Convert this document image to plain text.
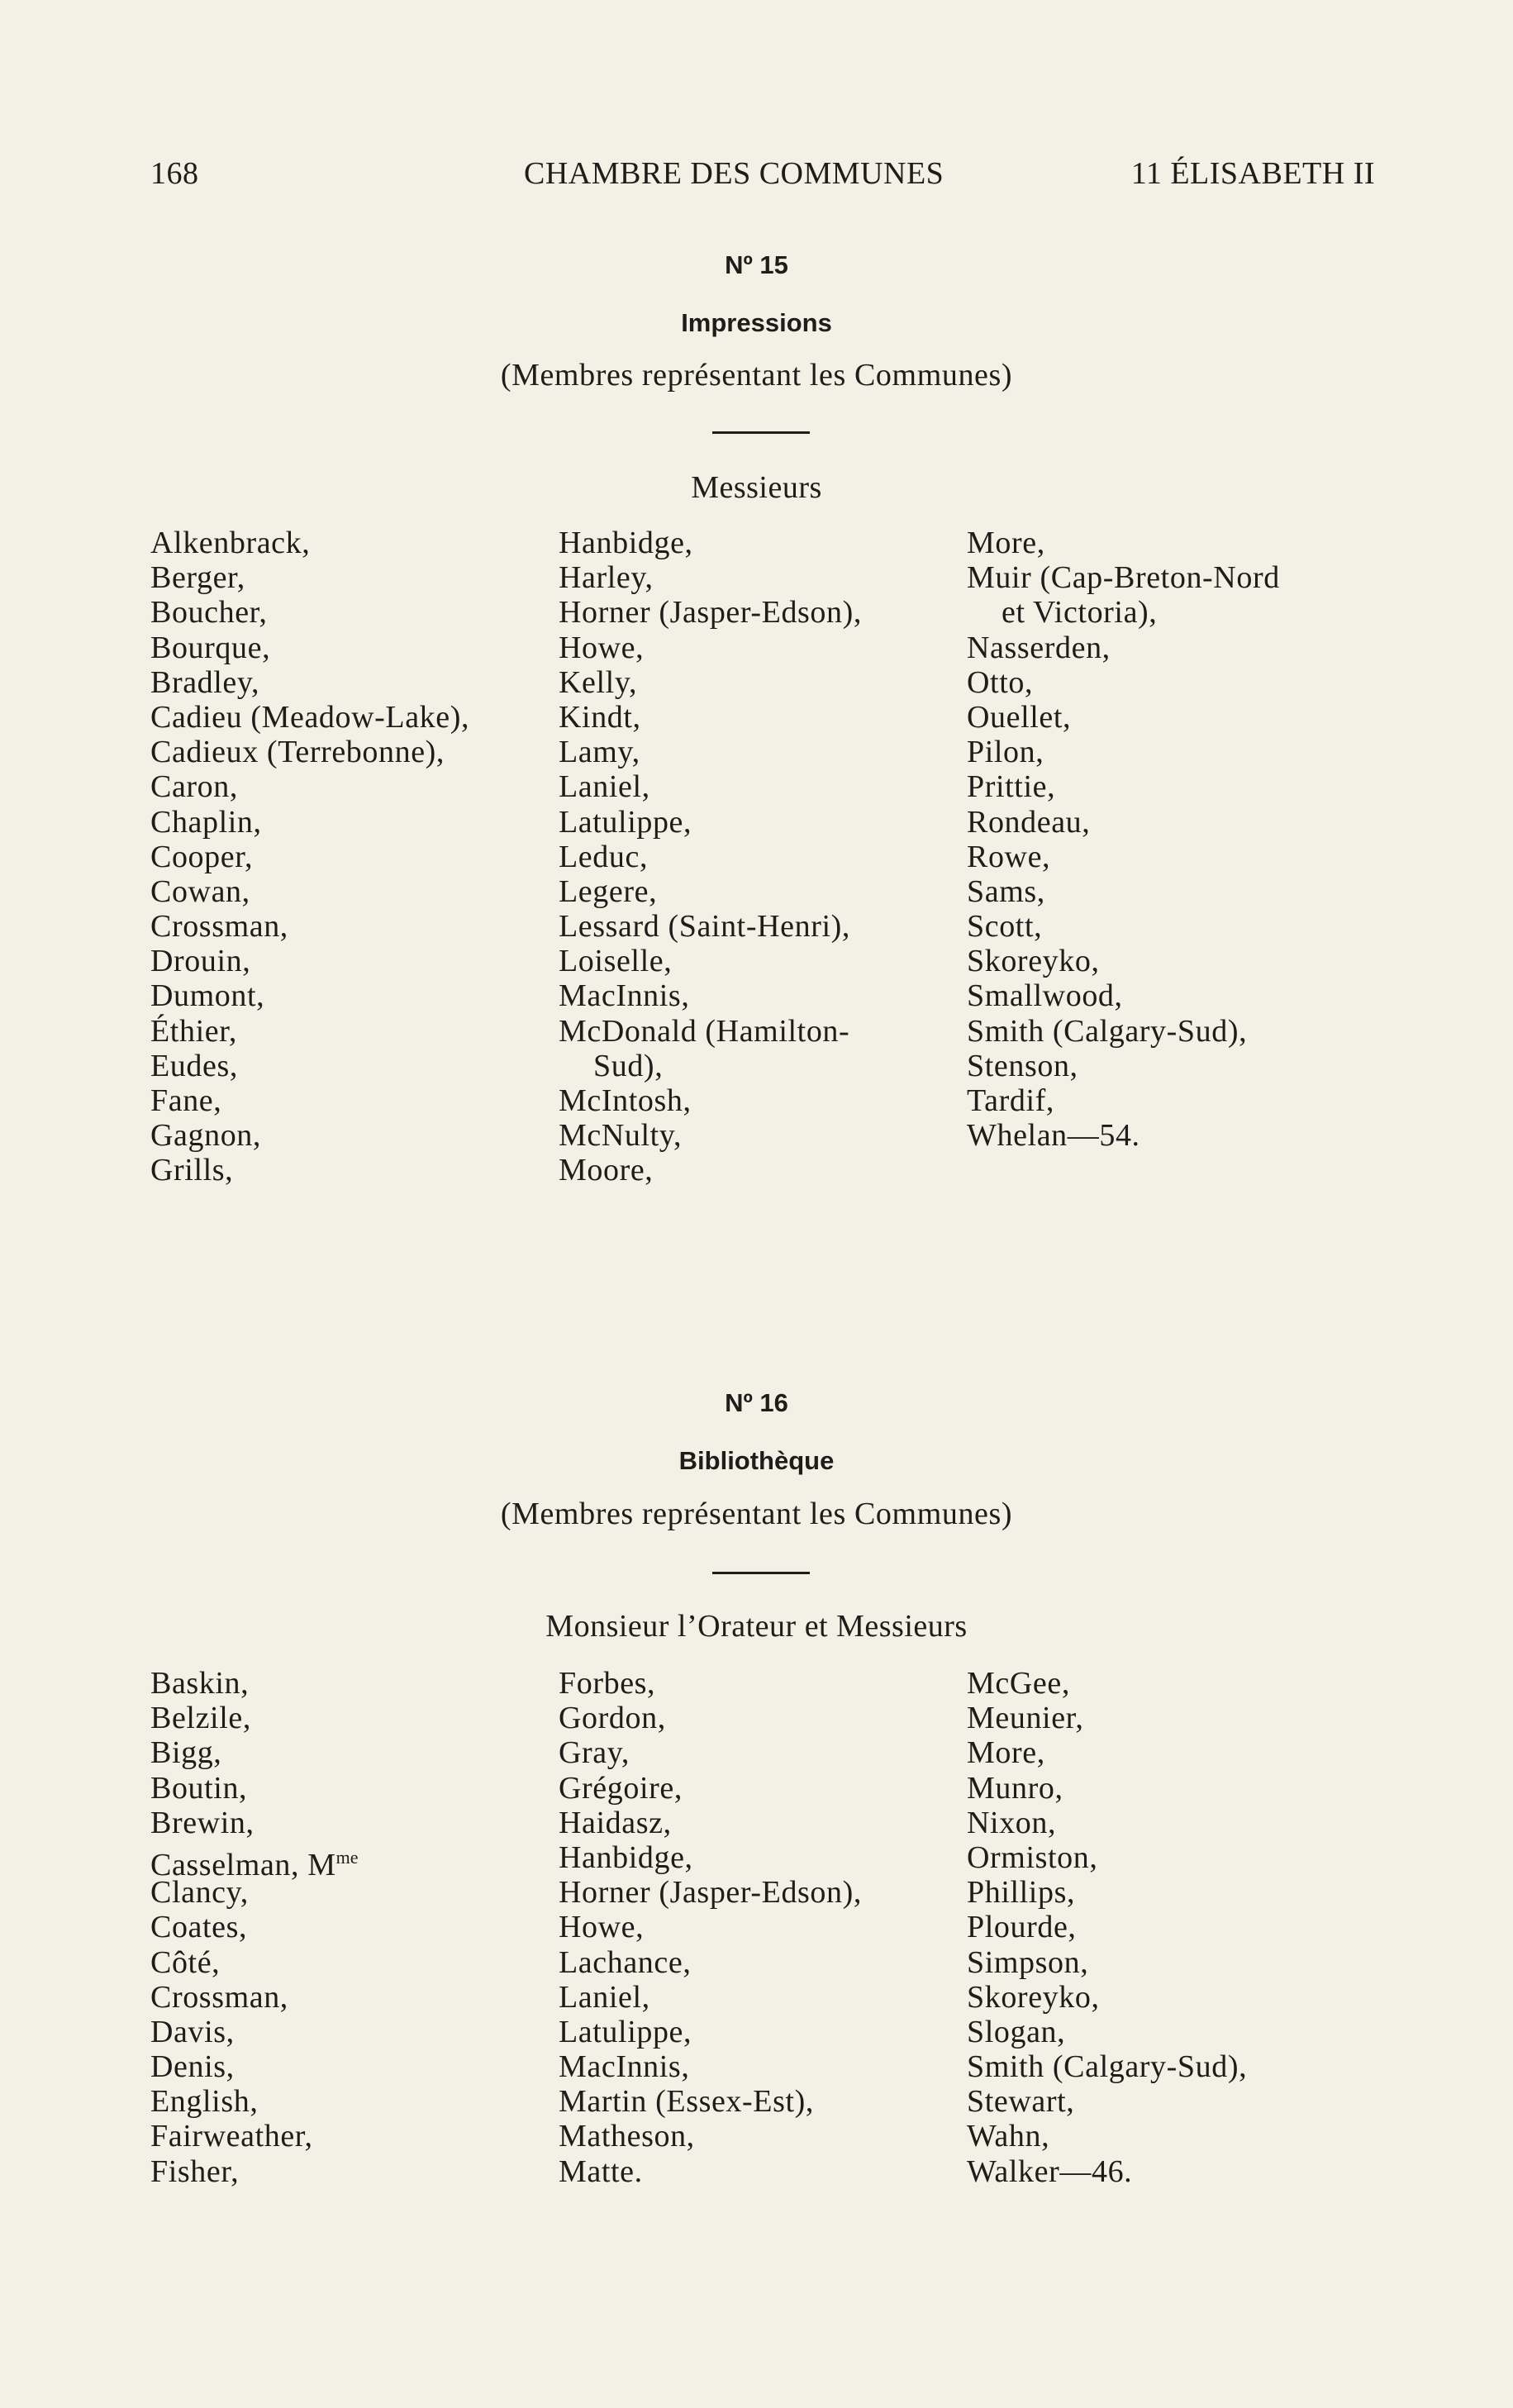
168	CHAMBRE DES COMMUNES	11 ÉLISABETH II
Nº 15
Impressions
(Membres représentant les Communes)
Messieurs
Alkenbrack,
Berger,
Boucher,
Bourque,
Bradley,
Cadieu (Meadow-Lake),
Cadieux (Terrebonne),
Caron,
Chaplin,
Cooper,
Cowan,
Crossman,
Drouin,
Dumont,
Éthier,
Eudes,
Fane,
Gagnon,
Grills,
Hanbidge,
Harley,
Horner (Jasper-Edson),
Howe,
Kelly,
Kindt,
Lamy,
Laniel,
Latulippe,
Leduc,
Legere,
Lessard (Saint-Henri),
Loiselle,
MacInnis,
McDonald (Hamilton-
Sud),
McIntosh,
McNulty,
Moore,
More,
Muir (Cap-Breton-Nord
et Victoria),
Nasserden,
Otto,
Ouellet,
Pilon,
Prittie,
Rondeau,
Rowe,
Sams,
Scott,
Skoreyko,
Smallwood,
Smith (Calgary-Sud),
Stenson,
Tardif,
Whelan—54.
Nº 16
Bibliothèque
(Membres représentant les Communes)
Monsieur l’Orateur et Messieurs
Baskin,
Belzile,
Bigg,
Boutin,
Brewin,
Casselman, $M^{me}$
Clancy,
Coates,
Côté,
Crossman,
Davis,
Denis,
English,
Fairweather,
Fisher,
Forbes,
Gordon,
Gray,
Grégoire,
Haidasz,
Hanbidge,
Horner (Jasper-Edson),
Howe,
Lachance,
Laniel,
Latulippe,
MacInnis,
Martin (Essex-Est),
Matheson,
Matte.
McGee,
Meunier,
More,
Munro,
Nixon,
Ormiston,
Phillips,
Plourde,
Simpson,
Skoreyko,
Slogan,
Smith (Calgary-Sud),
Stewart,
Wahn,
Walker—46.
